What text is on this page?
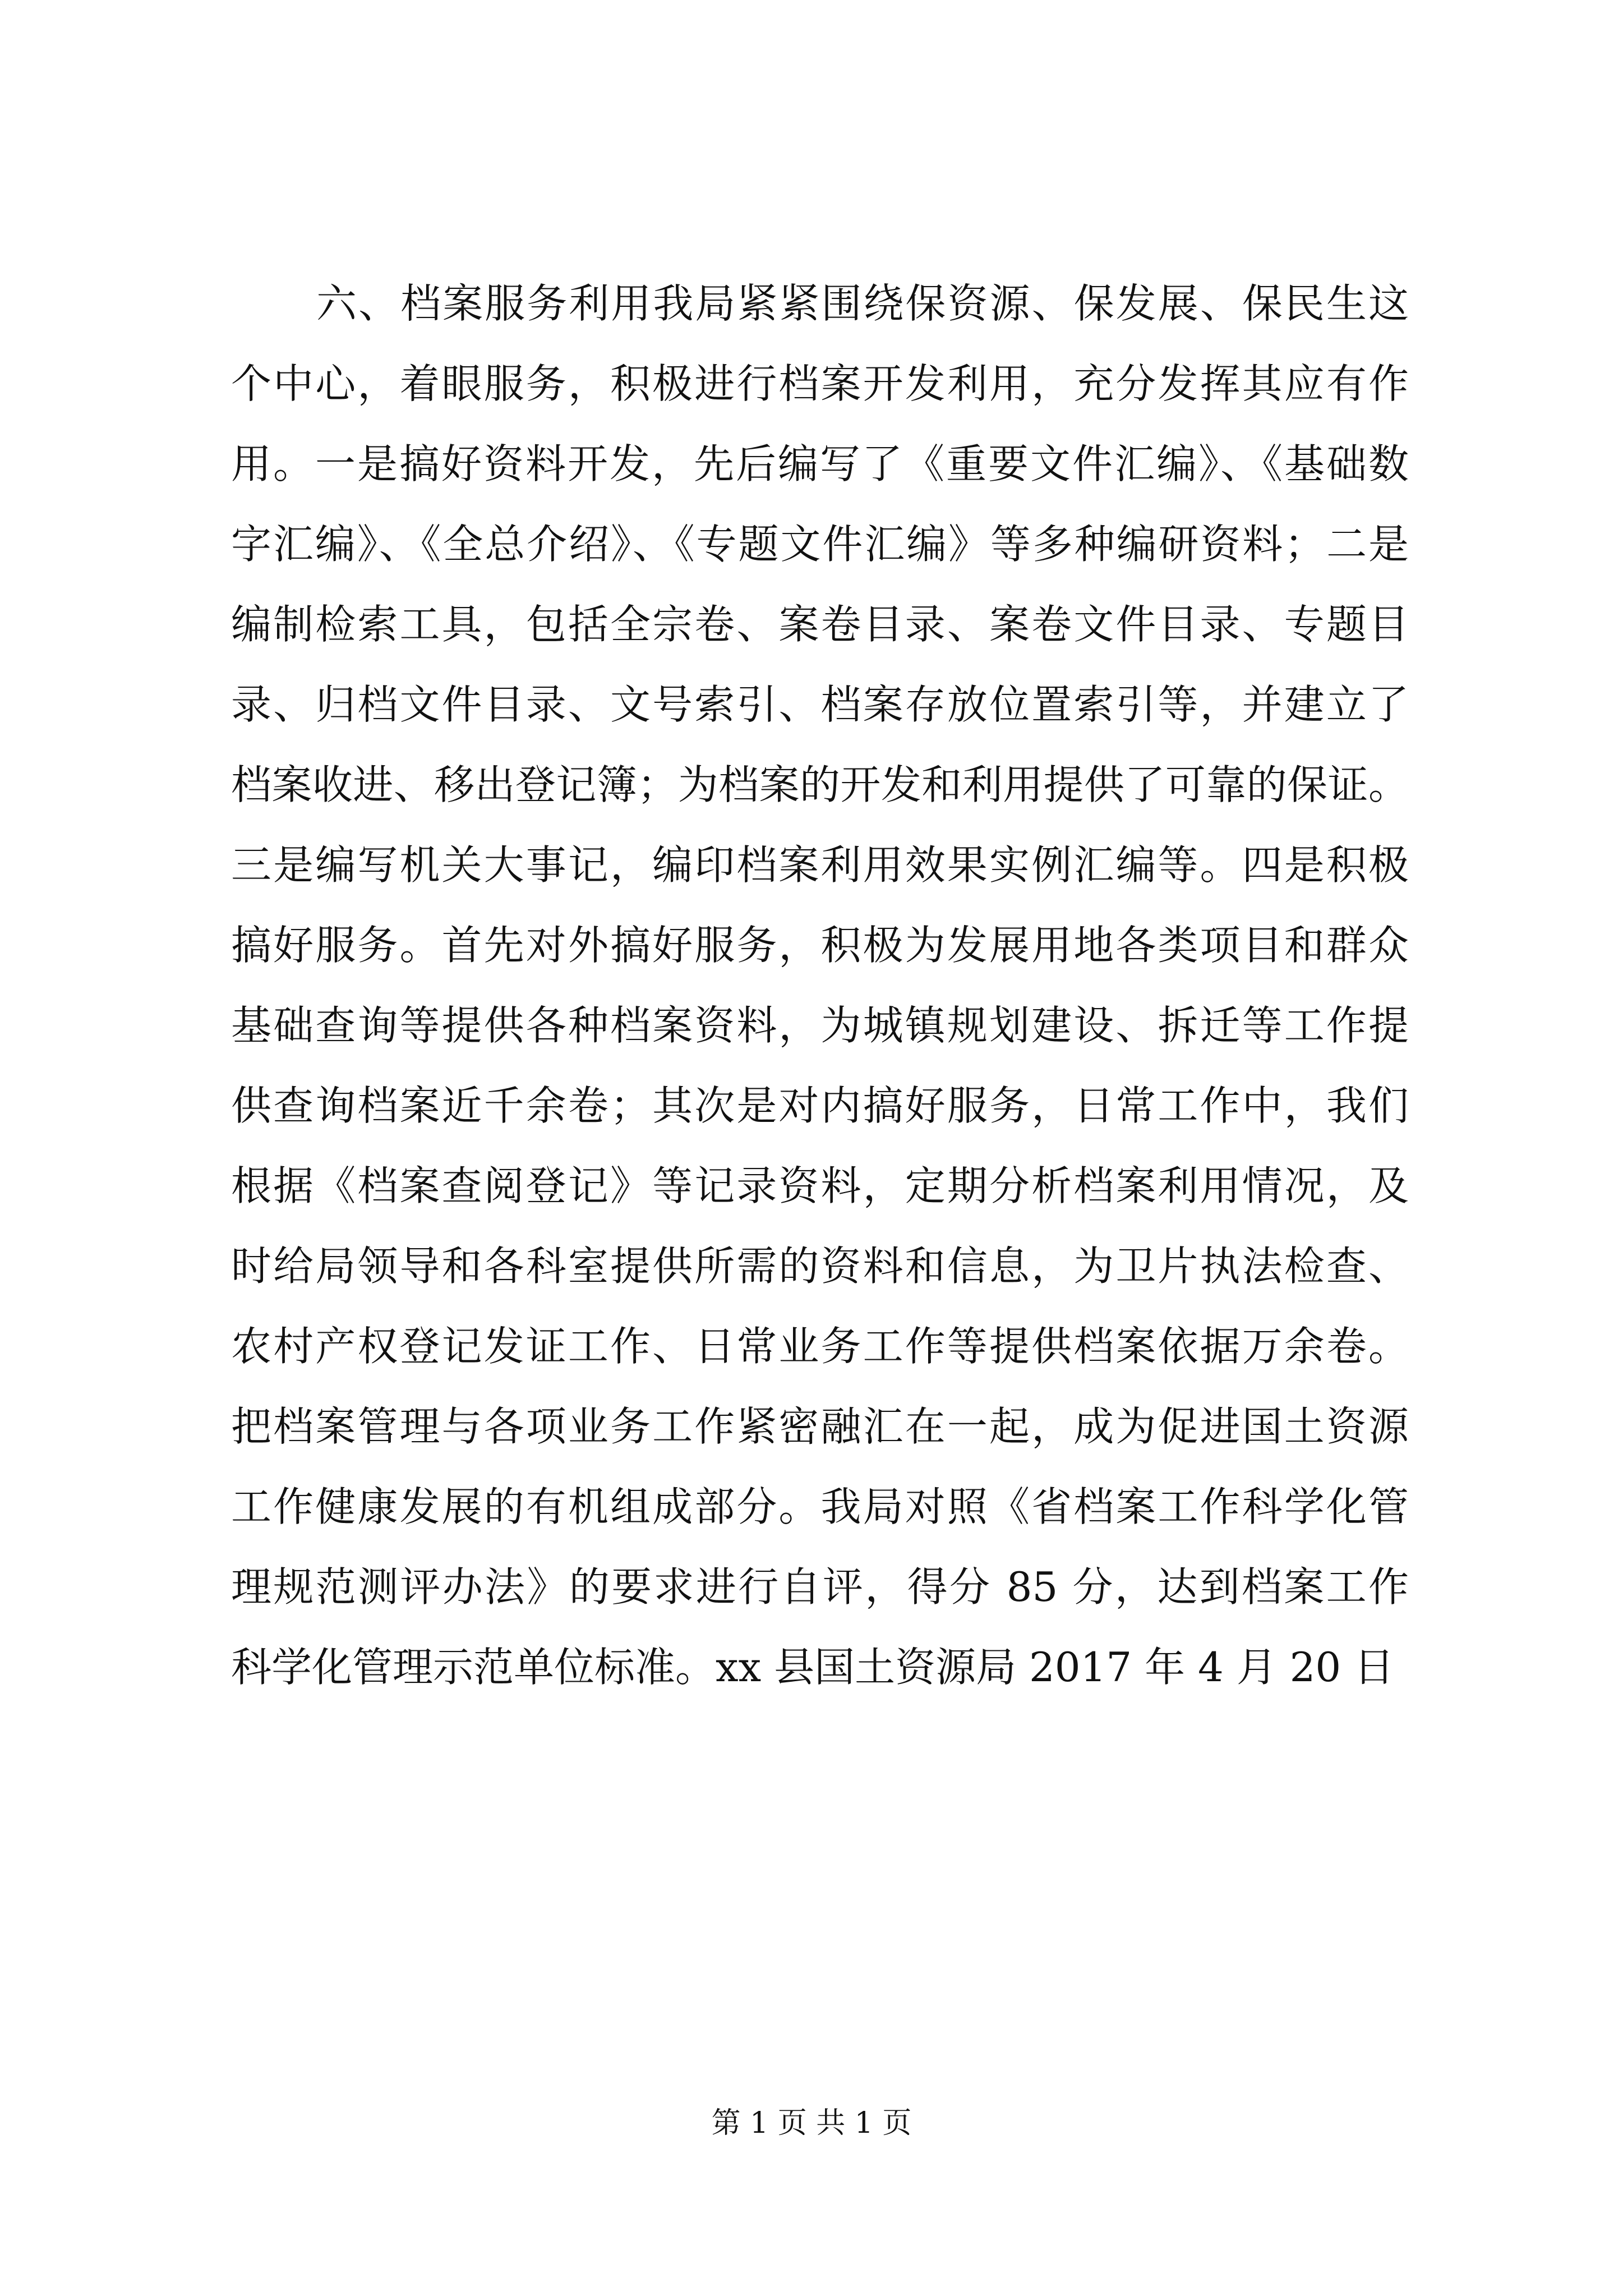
六、档案服务利用我局紧紧围绕保资源、保发展、保民生这
个中心，着眼服务，积极进行档案开发利用，充分发挥其应有作
用。一是搞好资料开发，先后编写了《重要文件汇编》、《基础数
字汇编》、《全总介绍》、《专题文件汇编》等多种编研资料；二是
编制检索工具，包括全宗卷、案卷目录、案卷文件目录、专题目
录、归档文件目录、文号索引、档案存放位置索引等，并建立了
档案收进、移出登记簿；为档案的开发和利用提供了可靠的保证。
三是编写机关大事记，编印档案利用效果实例汇编等。四是积极
搞好服务。首先对外搞好服务，积极为发展用地各类项目和群众
基础查询等提供各种档案资料，为城镇规划建设、拆迁等工作提
供查询档案近千余卷；其次是对内搞好服务，日常工作中，我们
根据《档案查阅登记》等记录资料，定期分析档案利用情况，及
时给局领导和各科室提供所需的资料和信息，为卫片执法检查、
农村产权登记发证工作、日常业务工作等提供档案依据万余卷。
把档案管理与各项业务工作紧密融汇在一起，成为促进国土资源
工作健康发展的有机组成部分。我局对照《省档案工作科学化管
理规范测评办法》的要求进行自评，得分 85 分，达到档案工作
科学化管理示范单位标准。xx 县国土资源局 2017 年 4 月 20 日
第 1 页 共 1 页
